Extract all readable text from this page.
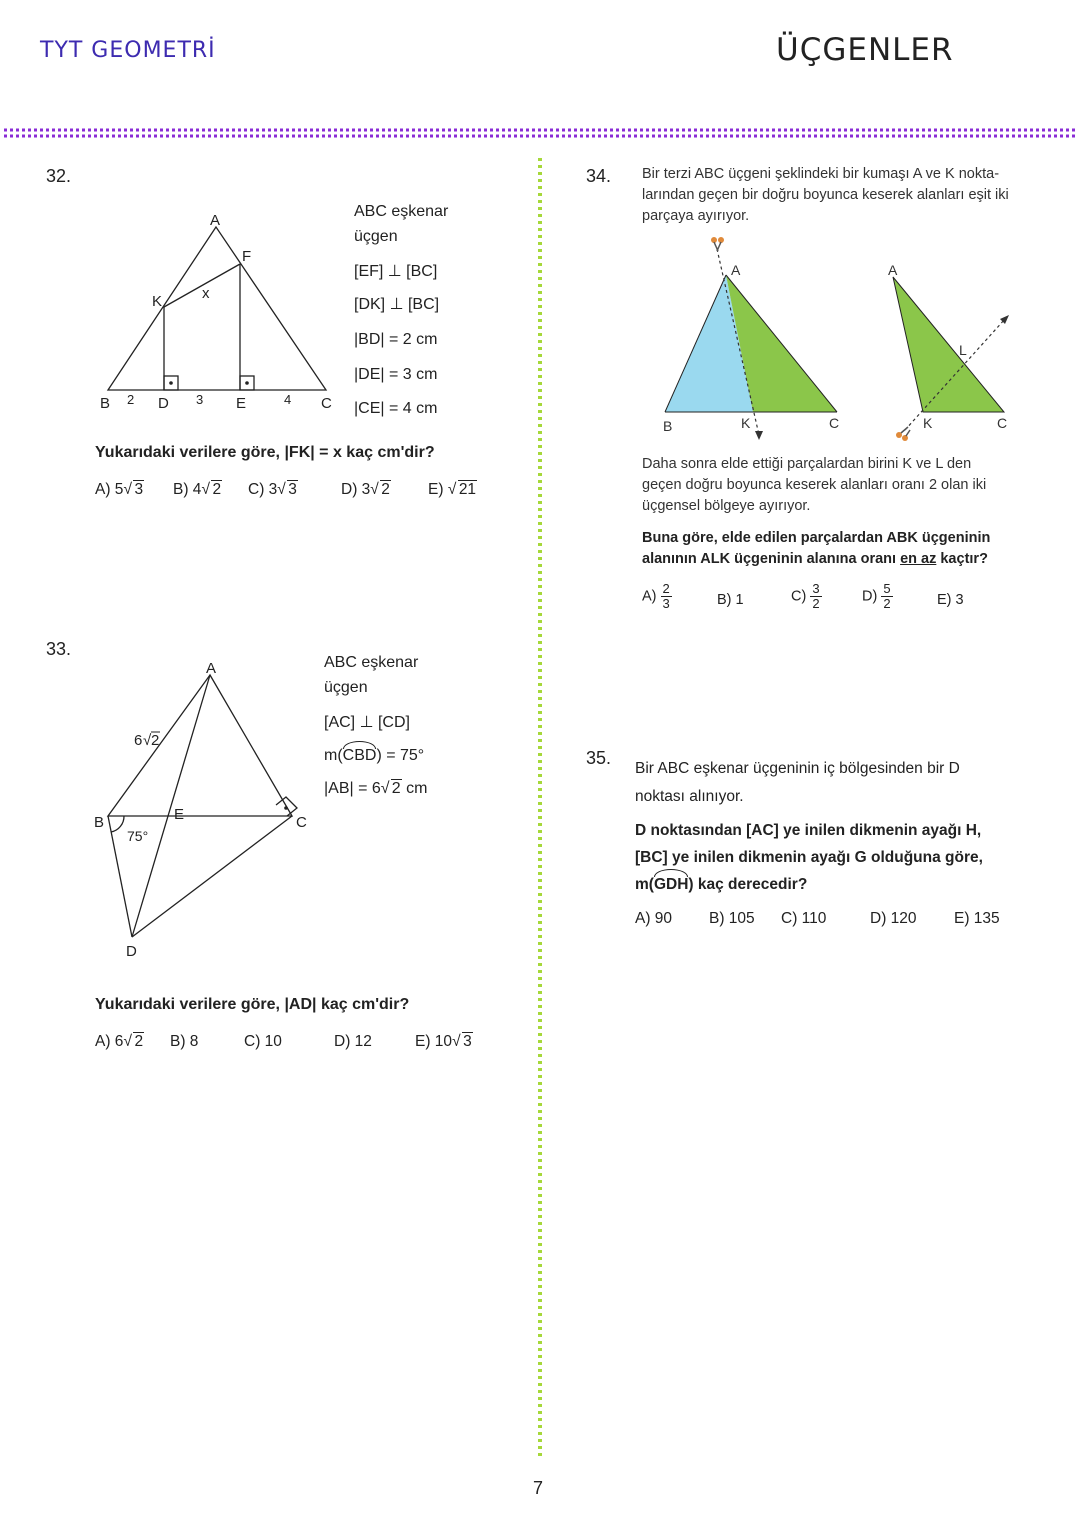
TYT GEOMETRİ	ÜÇGENLER
32.
A
F
K	x
B	D	E	C
2	3	4
ABC eşkenar
üçgen
[EF] ⊥ [BC]
[DK] ⊥ [BC]
|BD| = 2 cm
|DE| = 3 cm
|CE| = 4 cm
Yukarıdaki verilere göre, |FK| = x kaç cm'dir?
A) 5 √ 3 B) 4 √ 2 C) 3 √ 3	D) 3 √ 2 E) √ 21
33.
A
B	C
D
E
75°
6 √ 2
ABC eşkenar
üçgen
[AC] ⊥ [CD]
m(CBD) = 75°
|AB| = 6 √ 2 cm
Yukarıdaki verilere göre, |AD| kaç cm'dir?
A) 6 √ 2 B) 8	C) 10	D) 12	E) 10 √ 3
34. Bir terzi ABC üçgeni şeklindeki bir kumaşı A ve K nokta-
larından geçen bir doğru boyunca keserek alanları eşit iki
parçaya ayırıyor.
A
B	K	C
A
L
K	C
Daha sonra elde ettiği parçalardan birini K ve L den
geçen doğru boyunca keserek alanları oranı 2 olan iki
üçgensel bölgeye ayırıyor.
Buna göre, elde edilen parçalardan ABK üçgeninin
alanının ALK üçgeninin alanına oranı en az kaçtır?
$A) \frac{2}{3}$	B) 1	$C) \frac{3}{2}$	$D) \frac{5}{2}$	E) 3
35.
Bir ABC eşkenar üçgeninin iç bölgesinden bir D
noktası alınıyor.
D noktasından [AC] ye inilen dikmenin ayağı H,
[BC] ye inilen dikmenin ayağı G olduğuna göre,
m(GDH) kaç derecedir?
A) 90 B) 105 C) 110	D) 120 E) 135
7
